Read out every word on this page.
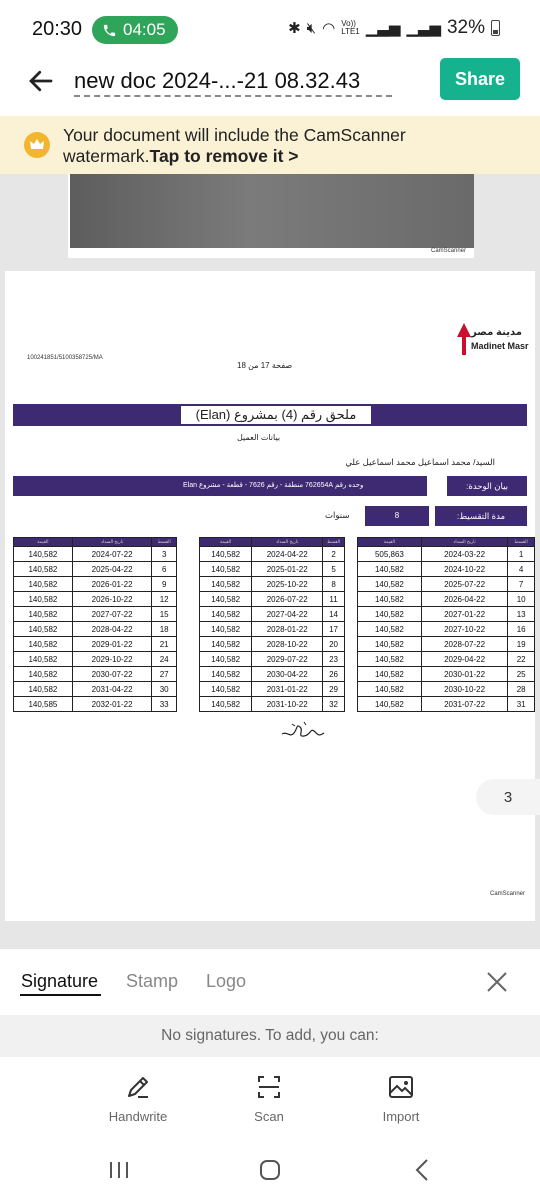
20:30 04:05	✱ 🔇︎ ◠ Vo))
LTE1 ▁▃▅ ▁▃▅ 32%
new doc 2024-...-21 08.32.43	Share
Your document will include the CamScanner watermark.Tap to remove it >
CamScanner
100241851/5100358725/MA
صفحة 17 من 18
مدينة مصر
Madinet Masr
ملحق رقم (4) بمشروع (Elan)
بيانات العميل
السيد/ محمد اسماعيل محمد اسماعيل علي
وحده رقم 762654A منطقة - رقم 7626 - قطعة - مشروع Elan	بيان الوحدة:
مدة التقسيط:
8
سنوات
القيمة	تاريخ السداد	القسط
140,582	2024-07-22	3
140,582	2025-04-22	6
140,582	2026-01-22	9
140,582	2026-10-22	12
140,582	2027-07-22	15
140,582	2028-04-22	18
140,582	2029-01-22	21
140,582	2029-10-22	24
140,582	2030-07-22	27
140,582	2031-04-22	30
140,585	2032-01-22	33
القيمة	تاريخ السداد	القسط
140,582	2024-04-22	2
140,582	2025-01-22	5
140,582	2025-10-22	8
140,582	2026-07-22	11
140,582	2027-04-22	14
140,582	2028-01-22	17
140,582	2028-10-22	20
140,582	2029-07-22	23
140,582	2030-04-22	26
140,582	2031-01-22	29
140,582	2031-10-22	32
القيمة	تاريخ السداد	القسط
505,863	2024-03-22	1
140,582	2024-10-22	4
140,582	2025-07-22	7
140,582	2026-04-22	10
140,582	2027-01-22	13
140,582	2027-10-22	16
140,582	2028-07-22	19
140,582	2029-04-22	22
140,582	2030-01-22	25
140,582	2030-10-22	28
140,582	2031-07-22	31
CamScanner
3
Signature Stamp Logo
No signatures. To add, you can:
Handwrite	Scan	Import
